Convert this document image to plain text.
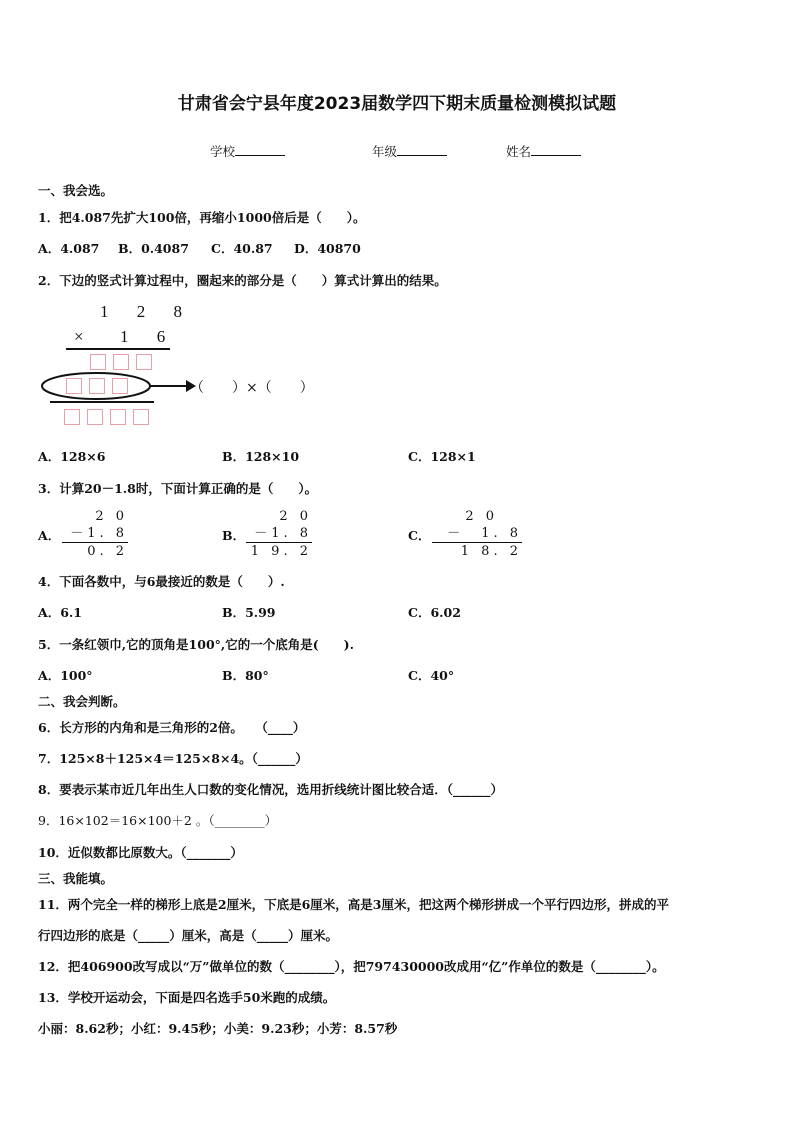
甘肃省会宁县年度2023届数学四下期末质量检测模拟试题
学校	年级	姓名
一、我会选。
1．把4.087先扩大100倍，再缩小1000倍后是（　　）。
A．4.087 B．0.4087 C．40.87 D．40870
2．下边的竖式计算过程中，圈起来的部分是（　　）算式计算出的结果。
1 2 8
× 1 6
（　　）×（　　）
A．128×6	B．128×10	C．128×1
3．计算20－1.8时，下面计算正确的是（　　）。
A．
2 0
－1. 8
0. 2
B．
2 0
－1. 8
1 9. 2
C．
2 0
－　1. 8
1 8. 2
4．下面各数中，与6最接近的数是（　　）.
A．6.1	B．5.99	C．6.02
5．一条红领巾,它的顶角是100°,它的一个底角是(　　).
A．100°	B．80°	C．40°
二、我会判断。
6．长方形的内角和是三角形的2倍。　　（____）
7．125×8＋125×4＝125×8×4。（______）
8．要表示某市近几年出生人口数的变化情况，选用折线统计图比较合适．（______）
9．16×102＝16×100＋2 。（________）
10．近似数都比原数大。（_______）
三、我能填。
11．两个完全一样的梯形上底是2厘米，下底是6厘米，高是3厘米，把这两个梯形拼成一个平行四边形，拼成的平
行四边形的底是（_____）厘米，高是（_____）厘米。
12．把406900改写成以“万”做单位的数（________），把797430000改成用“亿”作单位的数是（________）。
13．学校开运动会，下面是四名选手50米跑的成绩。
小丽：8.62秒；小红：9.45秒；小美：9.23秒；小芳：8.57秒
